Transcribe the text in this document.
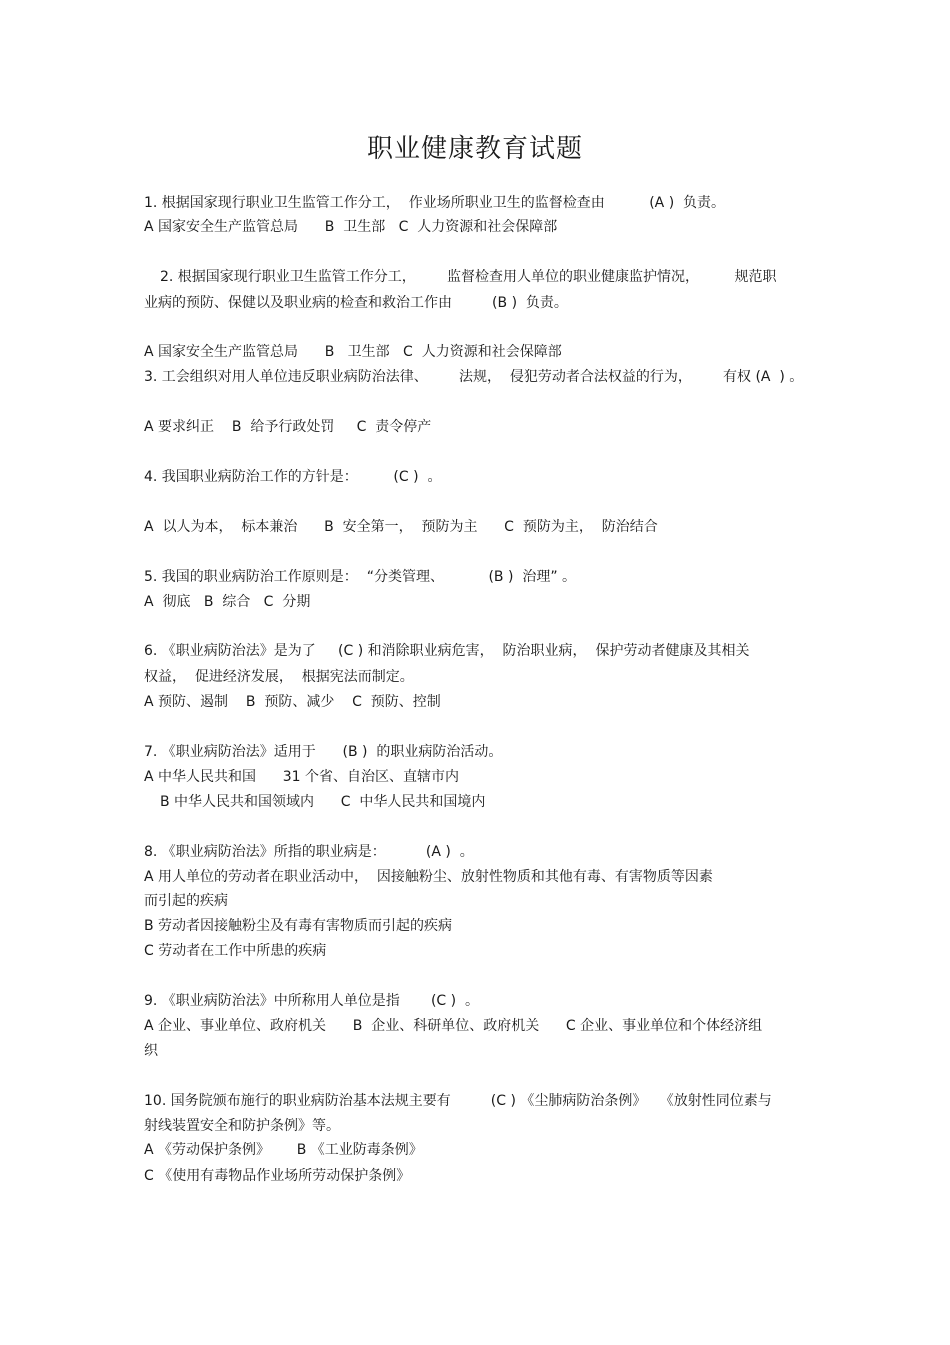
职业健康教育试题
1. 根据国家现行职业卫生监管工作分工，  作业场所职业卫生的监督检查由          (A )  负责。
A 国家安全生产监管总局      B  卫生部   C  人力资源和社会保障部
2. 根据国家现行职业卫生监管工作分工，       监督检查用人单位的职业健康监护情况，        规范职
业病的预防、保健以及职业病的检查和救治工作由         (B )  负责。
A 国家安全生产监管总局      B   卫生部   C  人力资源和社会保障部
3. 工会组织对用人单位违反职业病防治法律、       法规，  侵犯劳动者合法权益的行为，       有权 (A  ) 。
A 要求纠正    B  给予行政处罚     C  责令停产
4. 我国职业病防治工作的方针是：        (C )  。
A  以人为本，  标本兼治      B  安全第一，  预防为主      C  预防为主，  防治结合
5. 我国的职业病防治工作原则是：  “分类管理、          (B )  治理” 。
A  彻底   B  综合   C  分期
6. 《职业病防治法》是为了     (C ) 和消除职业病危害，  防治职业病，  保护劳动者健康及其相关
权益，  促进经济发展，  根据宪法而制定。
A 预防、遏制    B  预防、减少    C  预防、控制
7. 《职业病防治法》适用于      (B )  的职业病防治活动。
A 中华人民共和国      31 个省、自治区、直辖市内
B 中华人民共和国领域内      C  中华人民共和国境内
8. 《职业病防治法》所指的职业病是：         (A )  。
A 用人单位的劳动者在职业活动中，  因接触粉尘、放射性物质和其他有毒、有害物质等因素
而引起的疾病
B 劳动者因接触粉尘及有毒有害物质而引起的疾病
C 劳动者在工作中所患的疾病
9. 《职业病防治法》中所称用人单位是指       (C )  。
A 企业、事业单位、政府机关      B  企业、科研单位、政府机关      C 企业、事业单位和个体经济组
织
10. 国务院颁布施行的职业病防治基本法规主要有         (C ) 《尘肺病防治条例》   《放射性同位素与
射线装置安全和防护条例》等。
A 《劳动保护条例》      B 《工业防毒条例》
C 《使用有毒物品作业场所劳动保护条例》
